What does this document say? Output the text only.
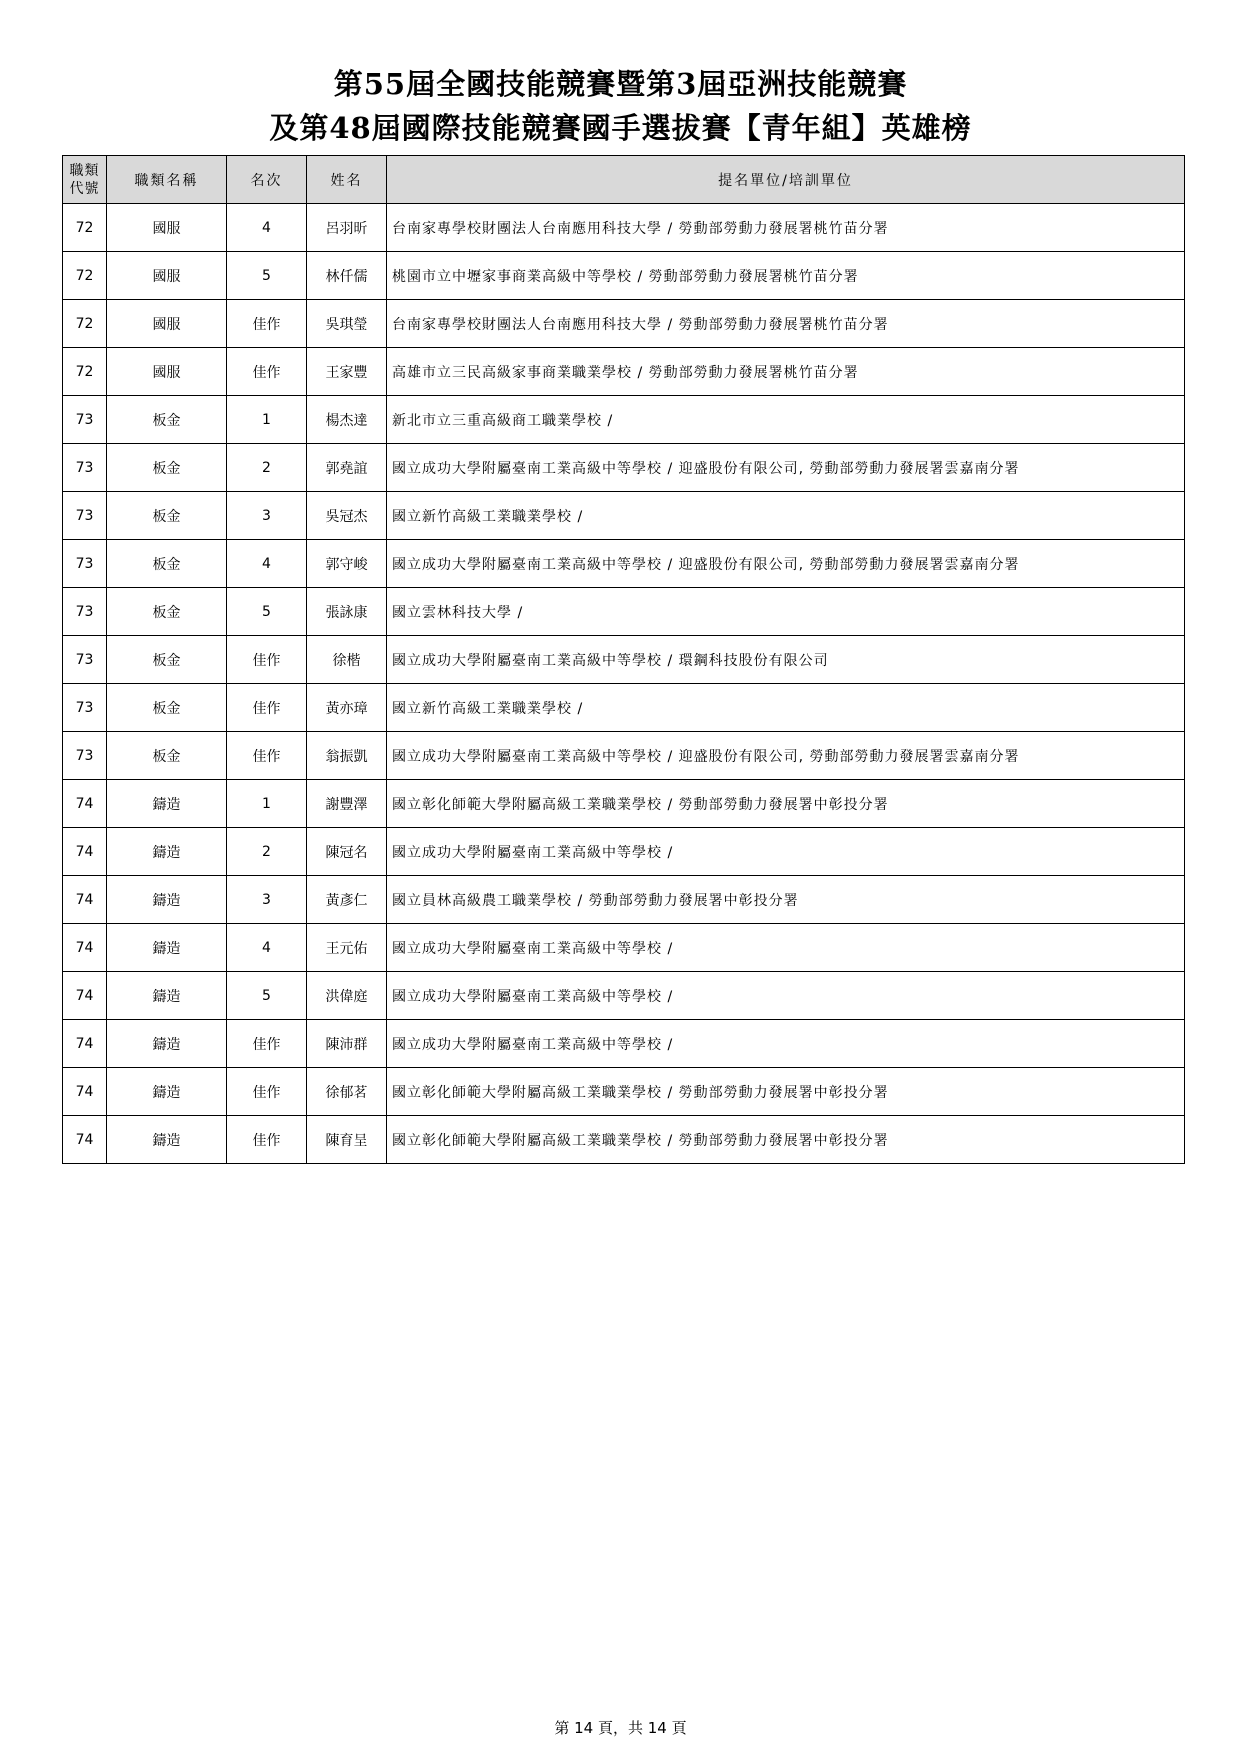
第55屆全國技能競賽暨第3屆亞洲技能競賽
及第48屆國際技能競賽國手選拔賽【青年組】英雄榜
職類
代號	職類名稱	名次	姓名	提名單位/培訓單位
72	國服	4	呂羽昕	台南家專學校財團法人台南應用科技大學 / 勞動部勞動力發展署桃竹苗分署
72	國服	5	林仟儒	桃園市立中壢家事商業高級中等學校 / 勞動部勞動力發展署桃竹苗分署
72	國服	佳作	吳琪瑩	台南家專學校財團法人台南應用科技大學 / 勞動部勞動力發展署桃竹苗分署
72	國服	佳作	王家豐	高雄市立三民高級家事商業職業學校 / 勞動部勞動力發展署桃竹苗分署
73	板金	1	楊杰達	新北市立三重高級商工職業學校 /
73	板金	2	郭堯誼	國立成功大學附屬臺南工業高級中等學校 / 迎盛股份有限公司, 勞動部勞動力發展署雲嘉南分署
73	板金	3	吳冠杰	國立新竹高級工業職業學校 /
73	板金	4	郭守峻	國立成功大學附屬臺南工業高級中等學校 / 迎盛股份有限公司, 勞動部勞動力發展署雲嘉南分署
73	板金	5	張詠康	國立雲林科技大學 /
73	板金	佳作	徐楷	國立成功大學附屬臺南工業高級中等學校 / 環鋼科技股份有限公司
73	板金	佳作	黃亦璋	國立新竹高級工業職業學校 /
73	板金	佳作	翁振凱	國立成功大學附屬臺南工業高級中等學校 / 迎盛股份有限公司, 勞動部勞動力發展署雲嘉南分署
74	鑄造	1	謝豐澤	國立彰化師範大學附屬高級工業職業學校 / 勞動部勞動力發展署中彰投分署
74	鑄造	2	陳冠名	國立成功大學附屬臺南工業高級中等學校 /
74	鑄造	3	黃彥仁	國立員林高級農工職業學校 / 勞動部勞動力發展署中彰投分署
74	鑄造	4	王元佑	國立成功大學附屬臺南工業高級中等學校 /
74	鑄造	5	洪偉庭	國立成功大學附屬臺南工業高級中等學校 /
74	鑄造	佳作	陳沛群	國立成功大學附屬臺南工業高級中等學校 /
74	鑄造	佳作	徐郁茗	國立彰化師範大學附屬高級工業職業學校 / 勞動部勞動力發展署中彰投分署
74	鑄造	佳作	陳育呈	國立彰化師範大學附屬高級工業職業學校 / 勞動部勞動力發展署中彰投分署
第 14 頁，共 14 頁
